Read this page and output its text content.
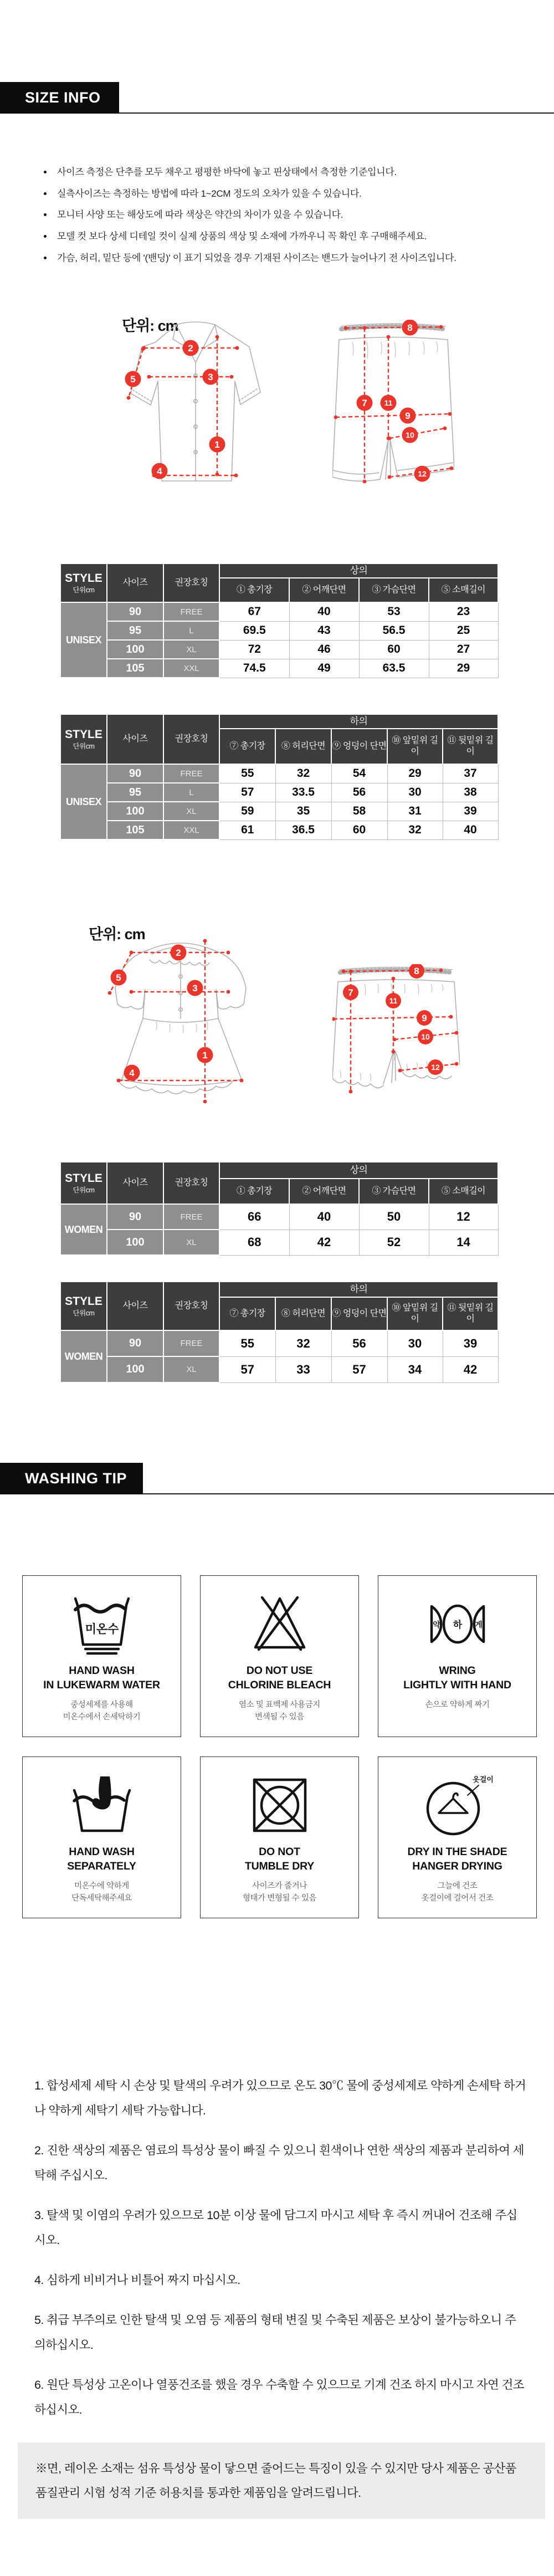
SIZE INFO
사이즈 측정은 단추를 모두 채우고 평평한 바닥에 놓고 핀상태에서 측정한 기준입니다.
실측사이즈는 측정하는 방법에 따라 1~2CM 정도의 오차가 있을 수 있습니다.
모니터 사양 또는 해상도에 따라 색상은 약간의 차이가 있을 수 있습니다.
모델 컷 보다 상세 디테일 컷이 실제 상품의 색상 및 소재에 가까우니 꼭 확인 후 구매해주세요.
가슴, 허리, 밑단 등에 '(밴딩)' 이 표기 되었을 경우 기재된 사이즈는 밴드가 늘어나기 전 사이즈입니다.
단위: cm
2
3
5
1
4
8
7 11
9
10
12
STYLE
단위cm	사이즈	권장호칭	상의			
			① 총기장	② 어깨단면	③ 가슴단면	⑤ 소매길이
UNISEX	90	FREE	67	40	53	23
	95	L	69.5	43	56.5	25
	100	XL	72	46	60	27
	105	XXL	74.5	49	63.5	29
STYLE
단위cm	사이즈	권장호칭	하의				
			⑦ 총기장	⑧ 허리단면	⑨ 엉덩이 단면	⑩ 앞밑위 길이	⑪ 뒷밑위 길이
UNISEX	90	FREE	55	32	54	29	37
	95	L	57	33.5	56	30	38
	100	XL	59	35	58	31	39
	105	XXL	61	36.5	60	32	40
단위: cm
2
5
3
1
4
8
7
11
9
10
12
STYLE
단위cm	사이즈	권장호칭	상의			
			① 총기장	② 어깨단면	③ 가슴단면	⑤ 소매길이
WOMEN	90	FREE	66	40	50	12
	100	XL	68	42	52	14
STYLE
단위cm	사이즈	권장호칭	하의				
			⑦ 총기장	⑧ 허리단면	⑨ 엉덩이 단면	⑩ 앞밑위 길이	⑪ 뒷밑위 길이
WOMEN	90	FREE	55	32	56	30	39
	100	XL	57	33	57	34	42
WASHING TIP
미온수
HAND WASH
IN LUKEWARM WATER
중성세제를 사용해
미온수에서 손세탁하기
DO NOT USE
CHLORINE BLEACH
염소 및 표백제 사용금지
변색될 수 있음
약 하 게
WRING
LIGHTLY WITH HAND
손으로 약하게 짜기
HAND WASH
SEPARATELY
미온수에 약하게
단독세탁해주세요
DO NOT
TUMBLE DRY
사이즈가 줄거나
형태가 변형될 수 있음
옷걸이
DRY IN THE SHADE
HANGER DRYING
그늘에 건조
옷걸이에 걸어서 건조

1. 합성세제 세탁 시 손상 및 탈색의 우려가 있으므로 온도 30℃ 물에 중성세제로 약하게 손세탁 하거나 약하게 세탁기 세탁 가능합니다.

2. 진한 색상의 제품은 염료의 특성상 물이 빠질 수 있으니 흰색이나 연한 색상의 제품과 분리하여 세탁해 주십시오.

3. 탈색 및 이염의 우려가 있으므로 10분 이상 물에 담그지 마시고 세탁 후 즉시 꺼내어 건조해 주십시오.

4. 심하게 비비거나 비틀어 짜지 마십시오.

5. 취급 부주의로 인한 탈색 및 오염 등 제품의 형태 변질 및 수축된 제품은 보상이 불가능하오니 주의하십시오.

6. 원단 특성상 고온이나 열풍건조를 했을 경우 수축할 수 있으므로 기계 건조 하지 마시고 자연 건조하십시오.

※면, 레이온 소재는 섬유 특성상 물이 닿으면 줄어드는 특징이 있을 수 있지만 당사 제품은 공산품 품질관리 시험 성적 기준 허용치를 통과한 제품임을 알려드립니다.
